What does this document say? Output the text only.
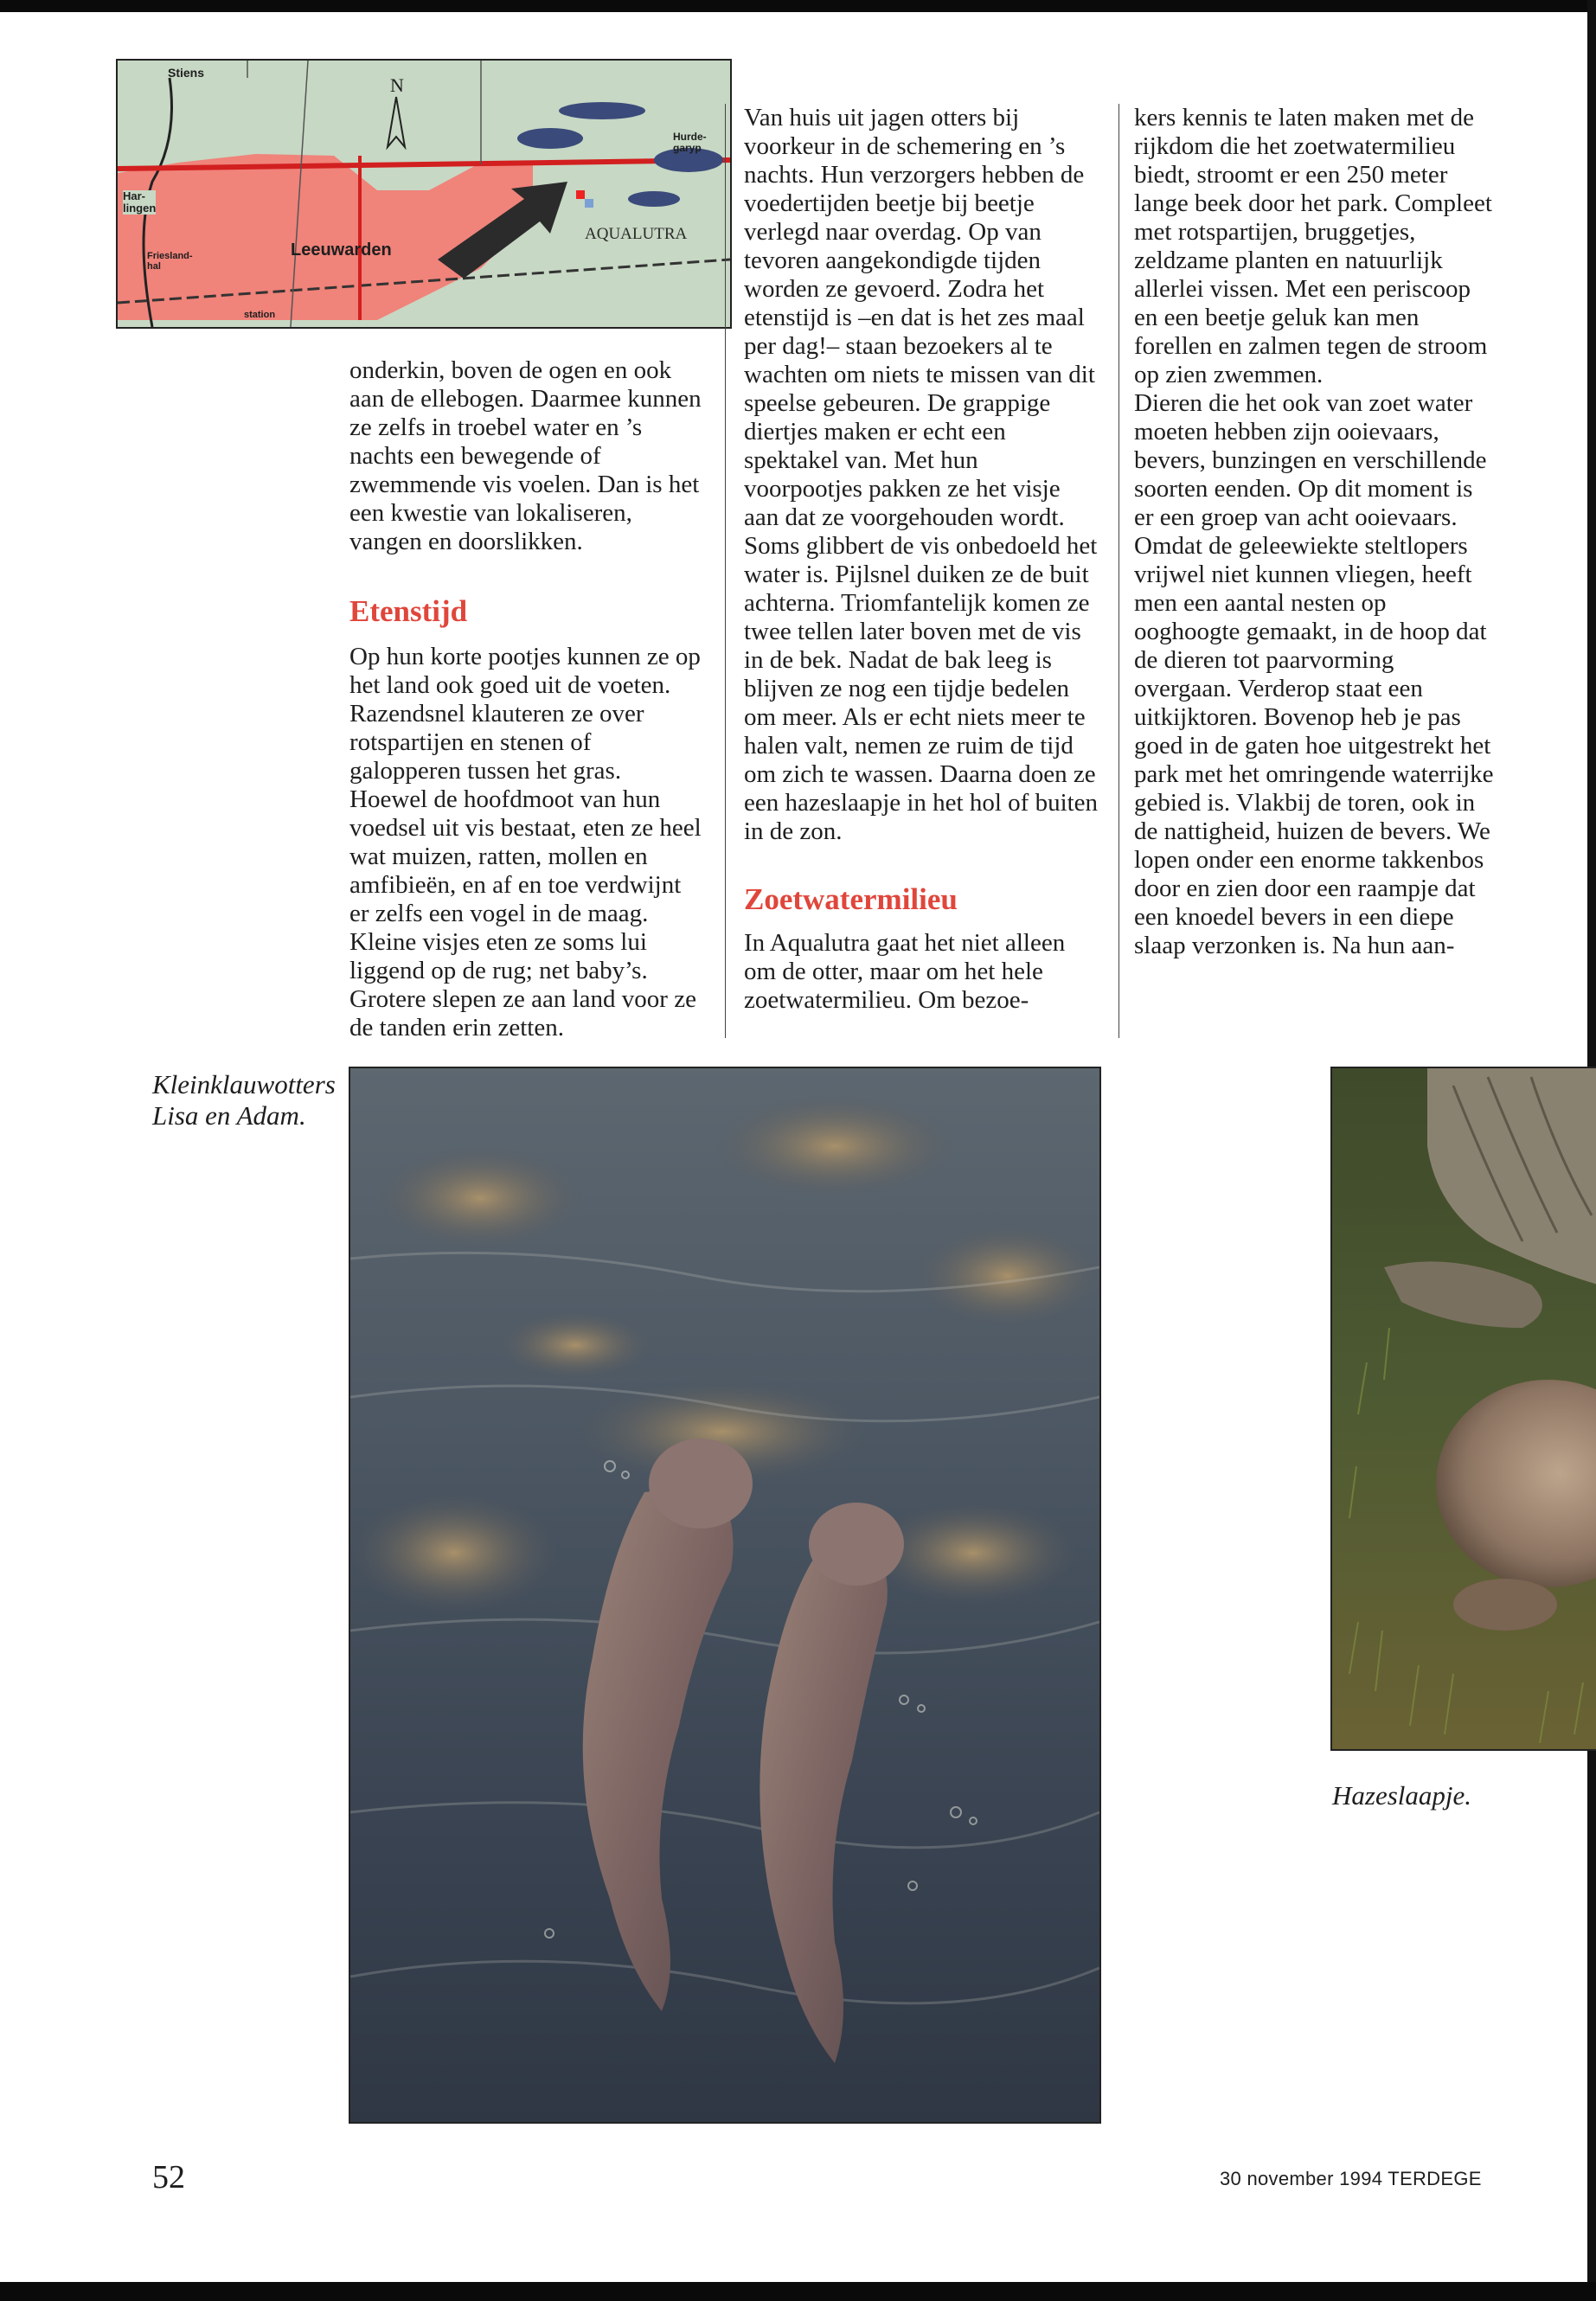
Stiens
N
Har-
lingen
Leeuwarden
Hurde-
garyp
AQUALUTRA
Friesland-
hal
station

onderkin, boven de ogen en ook aan de ellebogen. Daarmee kunnen ze zelfs in troebel water en ’s nachts een bewegende of zwemmende vis voelen. Dan is het een kwestie van lokaliseren, vangen en doorslikken.

Etenstijd

Op hun korte pootjes kunnen ze op het land ook goed uit de voeten. Razendsnel klauteren ze over rotspartijen en stenen of galopperen tussen het gras. Hoewel de hoofdmoot van hun voedsel uit vis bestaat, eten ze heel wat muizen, ratten, mollen en amfibieën, en af en toe verdwijnt er zelfs een vogel in de maag. Kleine visjes eten ze soms lui liggend op de rug; net baby’s. Grotere slepen ze aan land voor ze de tanden erin zetten.

Van huis uit jagen otters bij voorkeur in de schemering en ’s nachts. Hun verzorgers hebben de voedertijden beetje bij beetje verlegd naar overdag. Op van tevoren aangekondigde tijden worden ze gevoerd. Zodra het etenstijd is –en dat is het zes maal per dag!– staan bezoekers al te wachten om niets te missen van dit speelse gebeuren. De grappige diertjes maken er echt een spektakel van. Met hun voorpootjes pakken ze het visje aan dat ze voorgehouden wordt. Soms glibbert de vis onbedoeld het water is. Pijlsnel duiken ze de buit achterna. Triomfantelijk komen ze twee tellen later boven met de vis in de bek. Nadat de bak leeg is blijven ze nog een tijdje bedelen om meer. Als er echt niets meer te halen valt, nemen ze ruim de tijd om zich te wassen. Daarna doen ze een hazeslaapje in het hol of buiten in de zon.

Zoetwatermilieu

In Aqualutra gaat het niet alleen om de otter, maar om het hele zoetwatermilieu. Om bezoe-

kers kennis te laten maken met de rijkdom die het zoetwatermilieu biedt, stroomt er een 250 meter lange beek door het park. Compleet met rotspartijen, bruggetjes, zeldzame planten en natuurlijk allerlei vissen. Met een periscoop en een beetje geluk kan men forellen en zalmen tegen de stroom op zien zwemmen.

Dieren die het ook van zoet water moeten hebben zijn ooievaars, bevers, bunzingen en verschillende soorten eenden. Op dit moment is er een groep van acht ooievaars. Omdat de geleewiekte steltlopers vrijwel niet kunnen vliegen, heeft men een aantal nesten op ooghoogte gemaakt, in de hoop dat de dieren tot paarvorming overgaan. Verderop staat een uitkijktoren. Bovenop heb je pas goed in de gaten hoe uitgestrekt het park met het omringende waterrijke gebied is. Vlakbij de toren, ook in de nattigheid, huizen de bevers. We lopen onder een enorme takkenbos door en zien door een raampje dat een knoedel bevers in een diepe slaap verzonken is. Na hun aan-

Kleinklauwotters Lisa en Adam.
Hazeslaapje.
52	30 november 1994 TERDEGE
